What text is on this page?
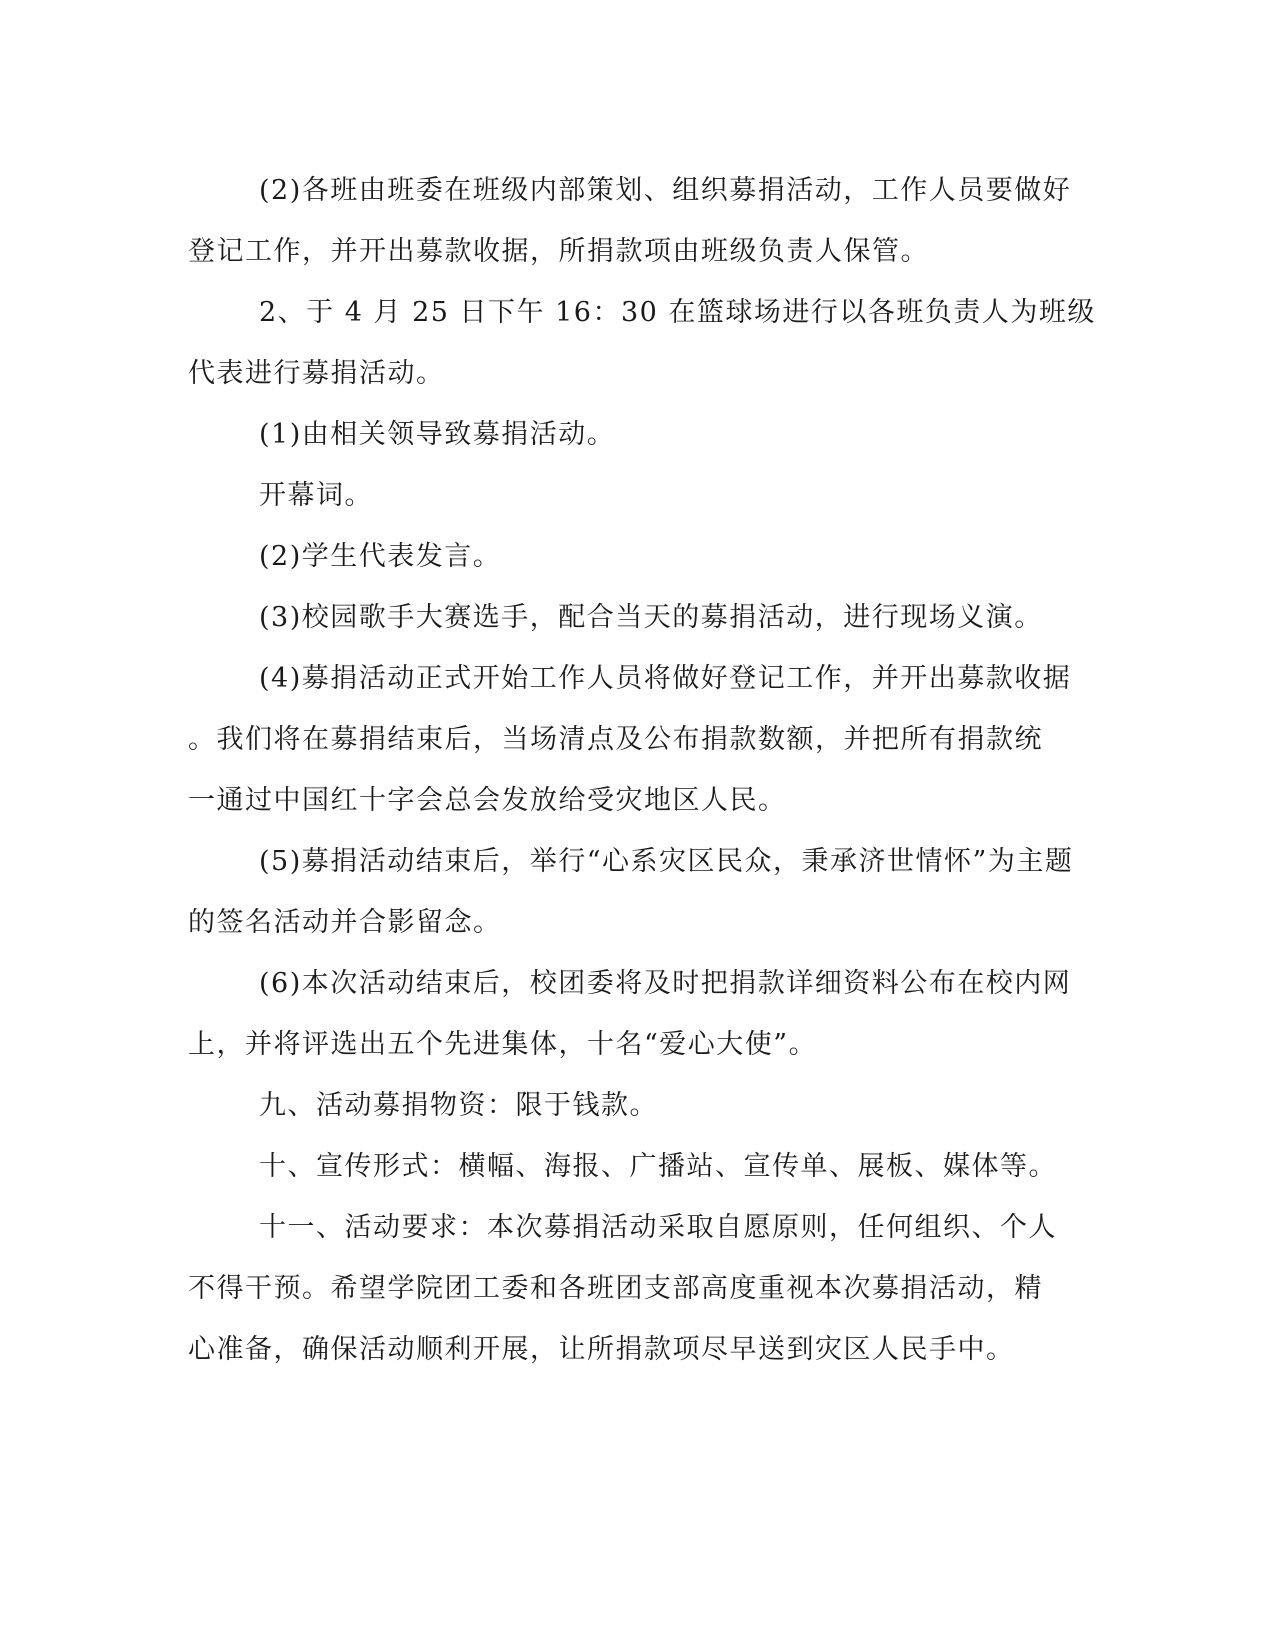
(2)各班由班委在班级内部策划、组织募捐活动，工作人员要做好
登记工作，并开出募款收据，所捐款项由班级负责人保管。
2、于 4 月 25 日下午 16：30 在篮球场进行以各班负责人为班级
代表进行募捐活动。
(1)由相关领导致募捐活动。
开幕词。
(2)学生代表发言。
(3)校园歌手大赛选手，配合当天的募捐活动，进行现场义演。
(4)募捐活动正式开始工作人员将做好登记工作，并开出募款收据
。我们将在募捐结束后，当场清点及公布捐款数额，并把所有捐款统
一通过中国红十字会总会发放给受灾地区人民。
(5)募捐活动结束后，举行“心系灾区民众，秉承济世情怀”为主题
的签名活动并合影留念。
(6)本次活动结束后，校团委将及时把捐款详细资料公布在校内网
上，并将评选出五个先进集体，十名“爱心大使”。
九、活动募捐物资：限于钱款。
十、宣传形式：横幅、海报、广播站、宣传单、展板、媒体等。
十一、活动要求：本次募捐活动采取自愿原则，任何组织、个人
不得干预。希望学院团工委和各班团支部高度重视本次募捐活动，精
心准备，确保活动顺利开展，让所捐款项尽早送到灾区人民手中。
